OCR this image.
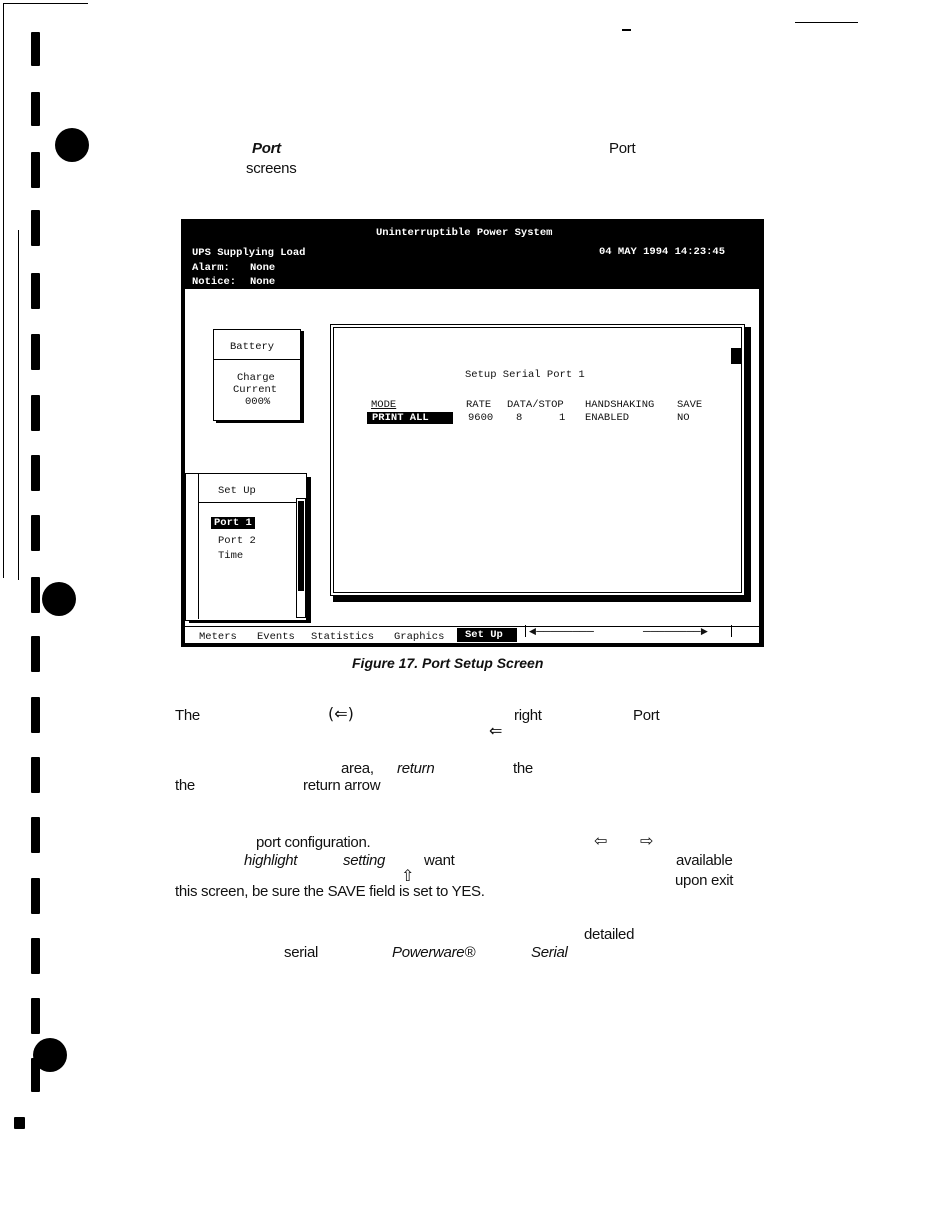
Port	Port
screens
Uninterruptible Power System
UPS Supplying Load	04 MAY 1994 14:23:45
Alarm: None
Notice: None
Battery
Charge
Current
000%
Set Up
Port 1
Port 2
Time
Setup Serial Port 1
MODE	RATE DATA/STOP HANDSHAKING SAVE
PRINT ALL	9600 8	1 ENABLED	NO
Meters Events Statistics Graphics	Set Up	◄────────	────────►
Figure 17. Port Setup Screen
The	(⇐)	right
⇐
Port
area, return	the
the	return arrow
port configuration.	⇦ ⇨
highlight	setting	want	available
⇧	upon exit
this screen, be sure the SAVE field is set to YES.
detailed
serial	Powerware®	Serial
